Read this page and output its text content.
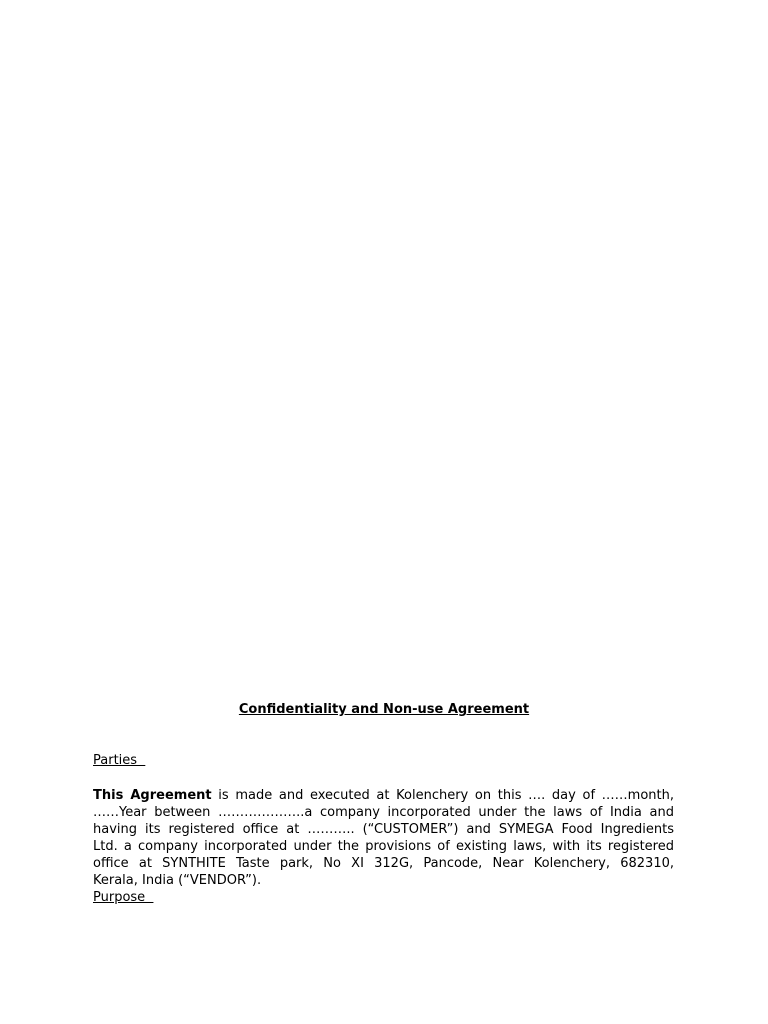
Confidentiality and Non-use Agreement
Parties
This Agreement is made and executed at Kolenchery on this …. day of ……month,
……Year between ………………..a company incorporated under the laws of India and
having its registered office at ……….. (“CUSTOMER”) and SYMEGA Food Ingredients
Ltd. a company incorporated under the provisions of existing laws, with its registered
office at SYNTHITE Taste park, No XI 312G, Pancode, Near Kolenchery, 682310,
Kerala, India (“VENDOR”).
Purpose
